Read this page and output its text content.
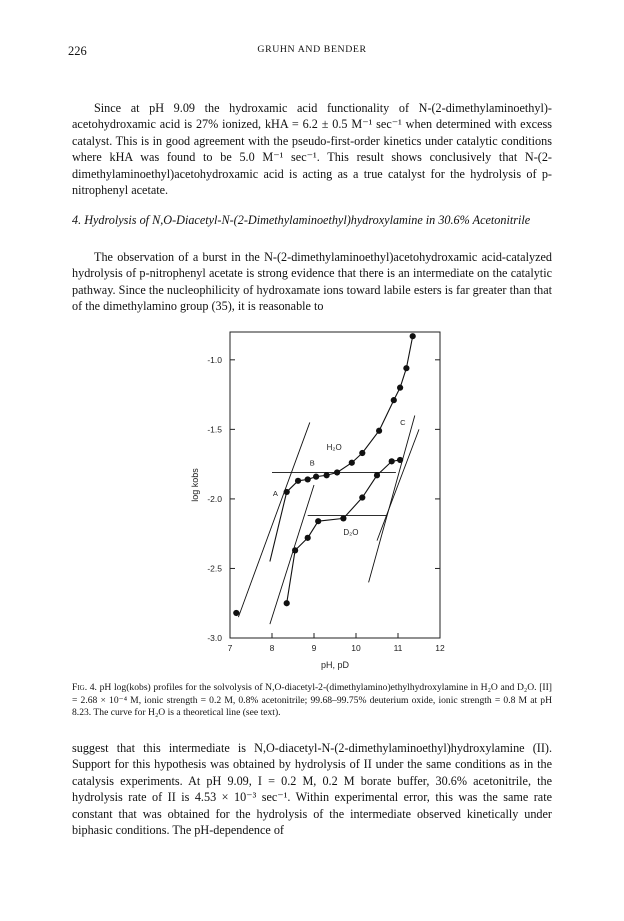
226	GRUHN AND BENDER

Since at pH 9.09 the hydroxamic acid functionality of N-(2-dimethylaminoethyl)-acetohydroxamic acid is 27% ionized, kHA = 6.2 ± 0.5 M⁻¹ sec⁻¹ when determined with excess catalyst. This is in good agreement with the pseudo-first-order kinetics under catalytic conditions where kHA was found to be 5.0 M⁻¹ sec⁻¹. This result shows conclusively that N-(2-dimethylaminoethyl)acetohydroxamic acid is acting as a true catalyst for the hydrolysis of p-nitrophenyl acetate.

4. Hydrolysis of N,O-Diacetyl-N-(2-Dimethylaminoethyl)hydroxylamine in 30.6% Acetonitrile

The observation of a burst in the N-(2-dimethylaminoethyl)acetohydroxamic acid-catalyzed hydrolysis of p-nitrophenyl acetate is strong evidence that there is an intermediate on the catalytic pathway. Since the nucleophilicity of hydroxamate ions toward labile esters is far greater than that of the dimethylamino group (35), it is reasonable to

-1.0
-1.5
-2.0
-2.5
-3.0
7	8	9	10	11	12
pH, pD
log kobs
H₂O
D₂O
A
B
C
Fig. 4. pH log(kobs) profiles for the solvolysis of N,O-diacetyl-2-(dimethylamino)ethylhydroxylamine in H₂O and D₂O. [II] = 2.68 × 10⁻⁴ M, ionic strength = 0.2 M, 0.8% acetonitrile; 99.68–99.75% deuterium oxide, ionic strength = 0.8 M at pH 8.23. The curve for H₂O is a theoretical line (see text).

suggest that this intermediate is N,O-diacetyl-N-(2-dimethylaminoethyl)hydroxylamine (II). Support for this hypothesis was obtained by hydrolysis of II under the same conditions as in the catalysis experiments. At pH 9.09, I = 0.2 M, 0.2 M borate buffer, 30.6% acetonitrile, the hydrolysis rate of II is 4.53 × 10⁻³ sec⁻¹. Within experimental error, this was the same rate constant that was obtained for the hydrolysis of the intermediate observed kinetically under biphasic conditions. The pH-dependence of
